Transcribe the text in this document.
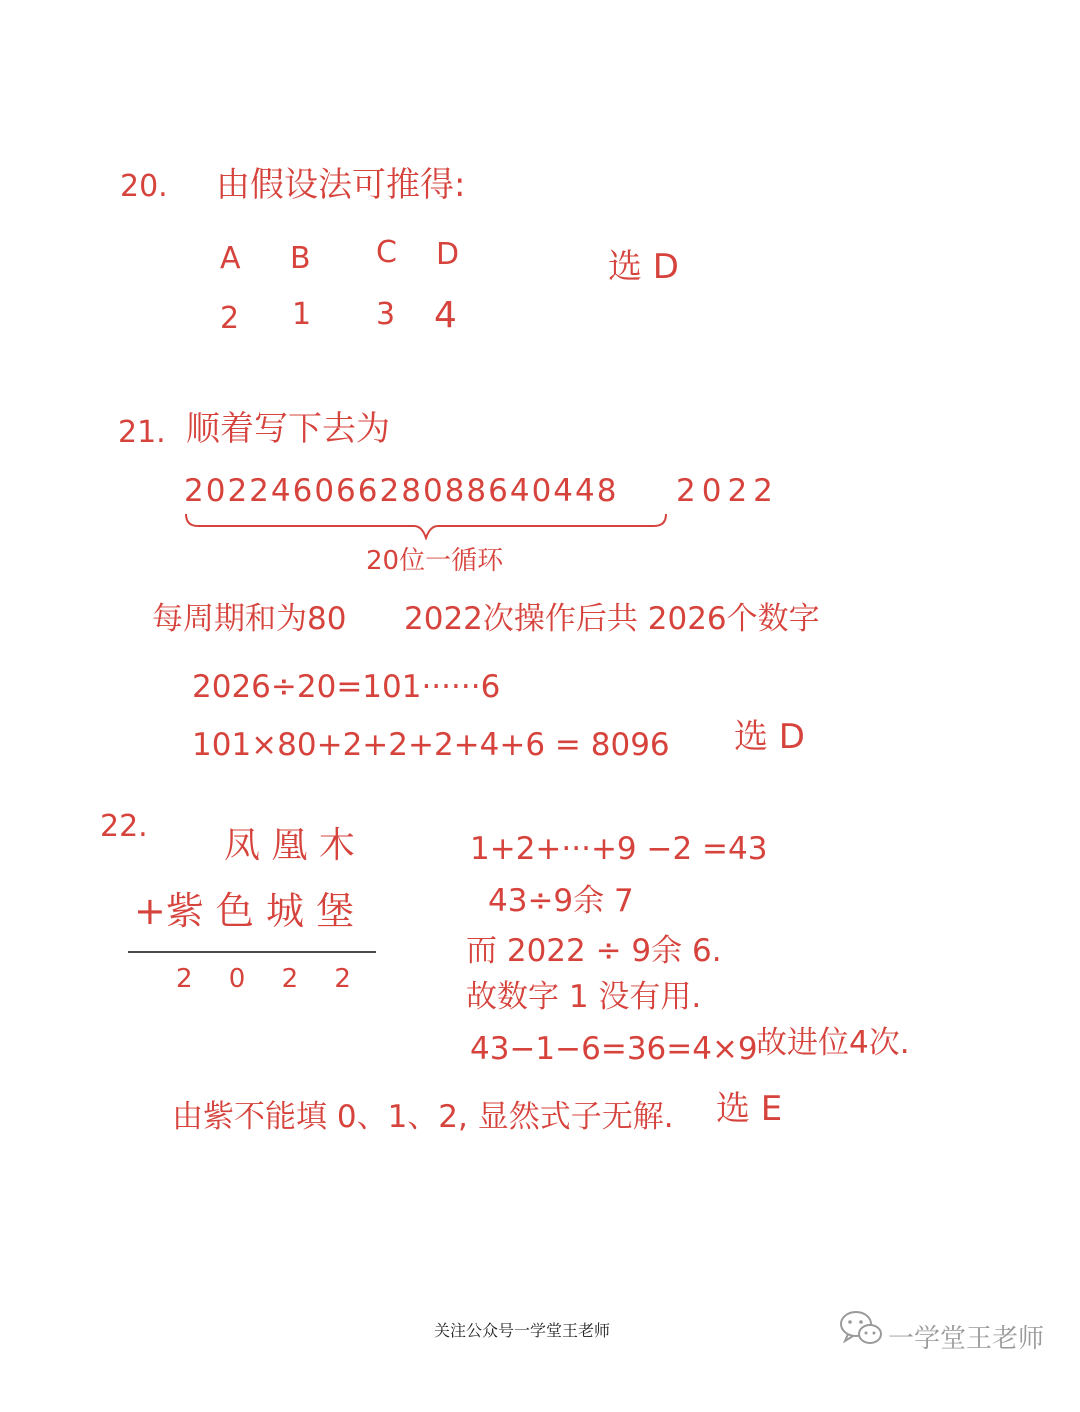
20. 由假设法可推得:
A B C D
2 1 3 4
选 D
21. 顺着写下去为
20224606628088640448 2022
20位一循环
每周期和为80 2022次操作后共 2026个数字
2026÷20=101······6
101×80+2+2+2+4+6 = 8096 选 D
22. 凤 凰 木
+紫 色 城 堡
2 0 2 2
1+2+···+9 −2 =43
43÷9余 7
而 2022 ÷ 9余 6.
故数字 1 没有用.
43−1−6=36=4×9
故进位4次.
由紫不能填 0、1、2, 显然式子无解. 选 E
关注公众号一学堂王老师	一学堂王老师
